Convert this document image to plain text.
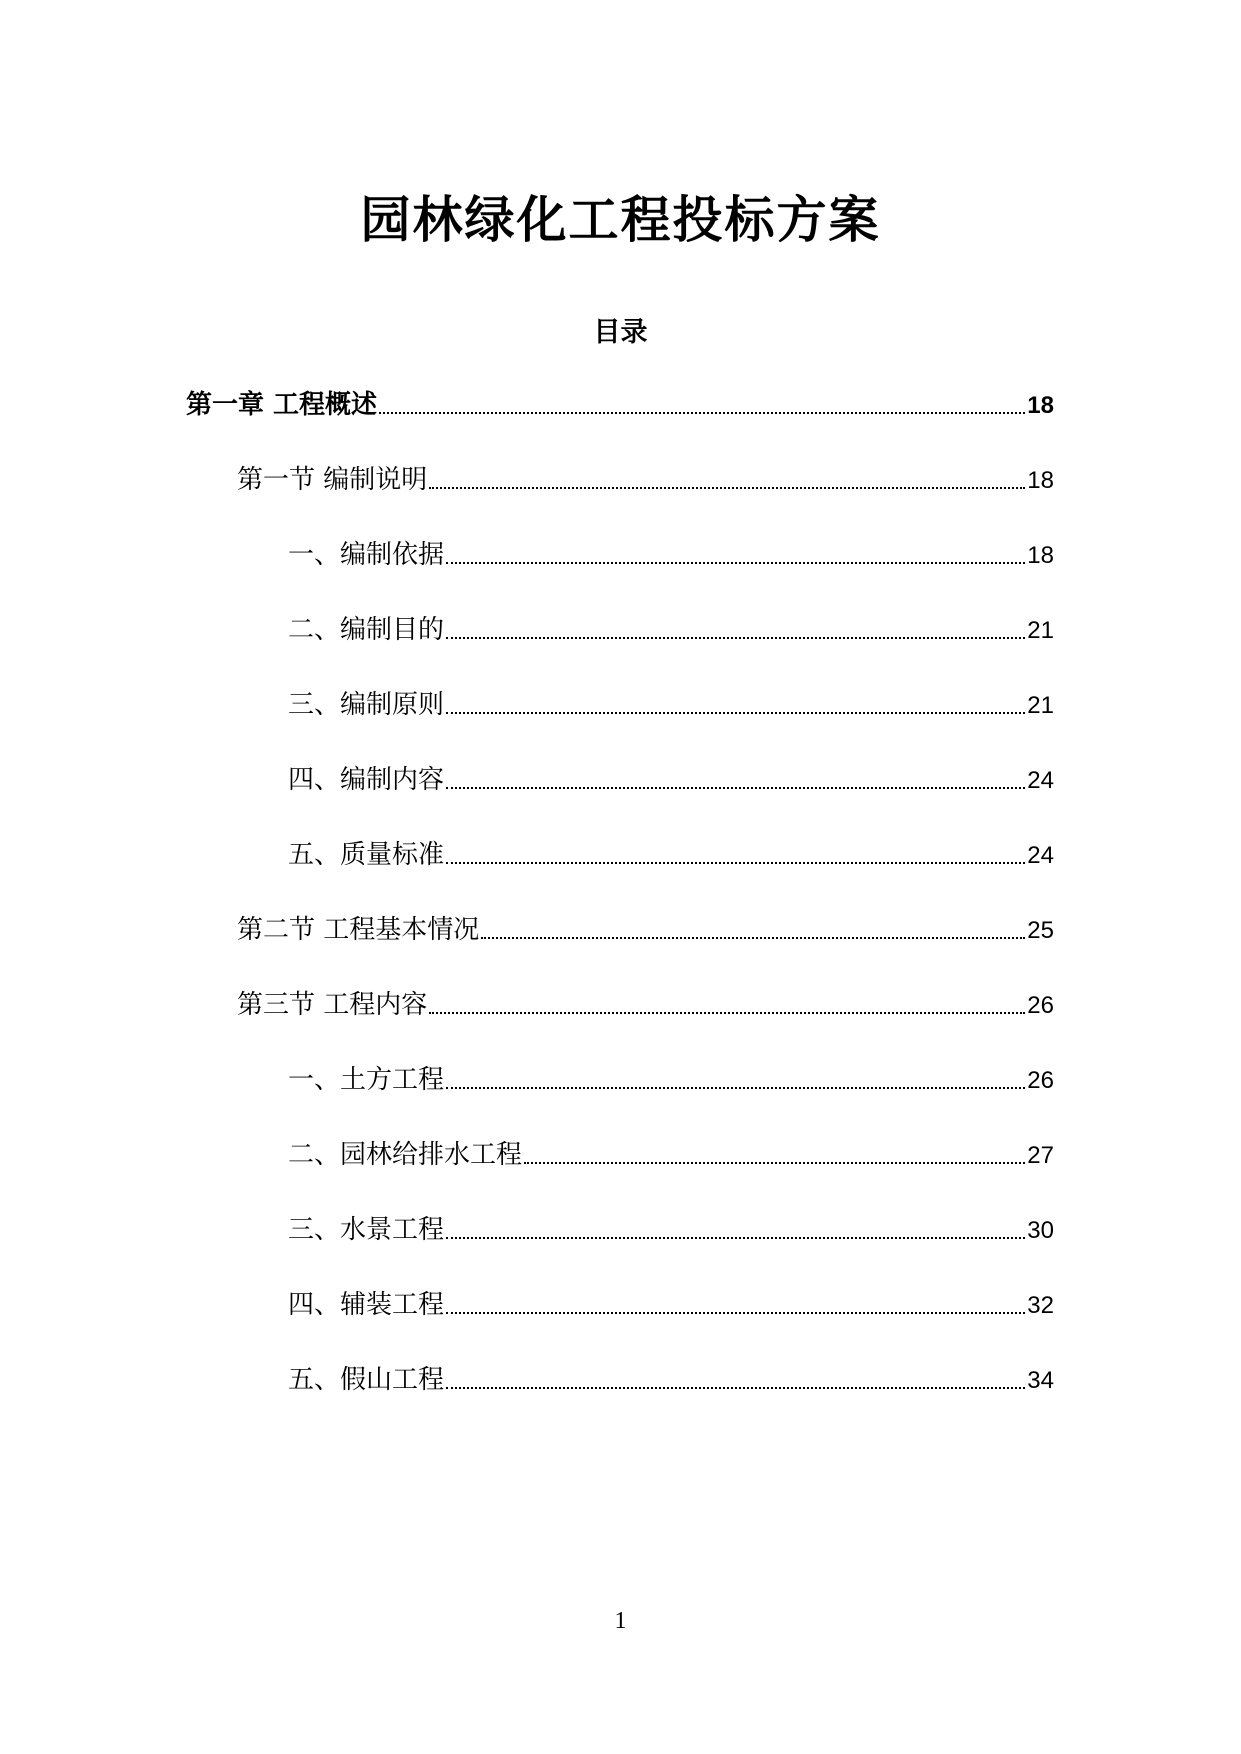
园林绿化工程投标方案
目录
第一章 工程概述	18
第一节 编制说明	18
一、编制依据	18
二、编制目的	21
三、编制原则	21
四、编制内容	24
五、质量标准	24
第二节 工程基本情况	25
第三节 工程内容	26
一、土方工程	26
二、园林给排水工程	27
三、水景工程	30
四、辅装工程	32
五、假山工程	34
1
